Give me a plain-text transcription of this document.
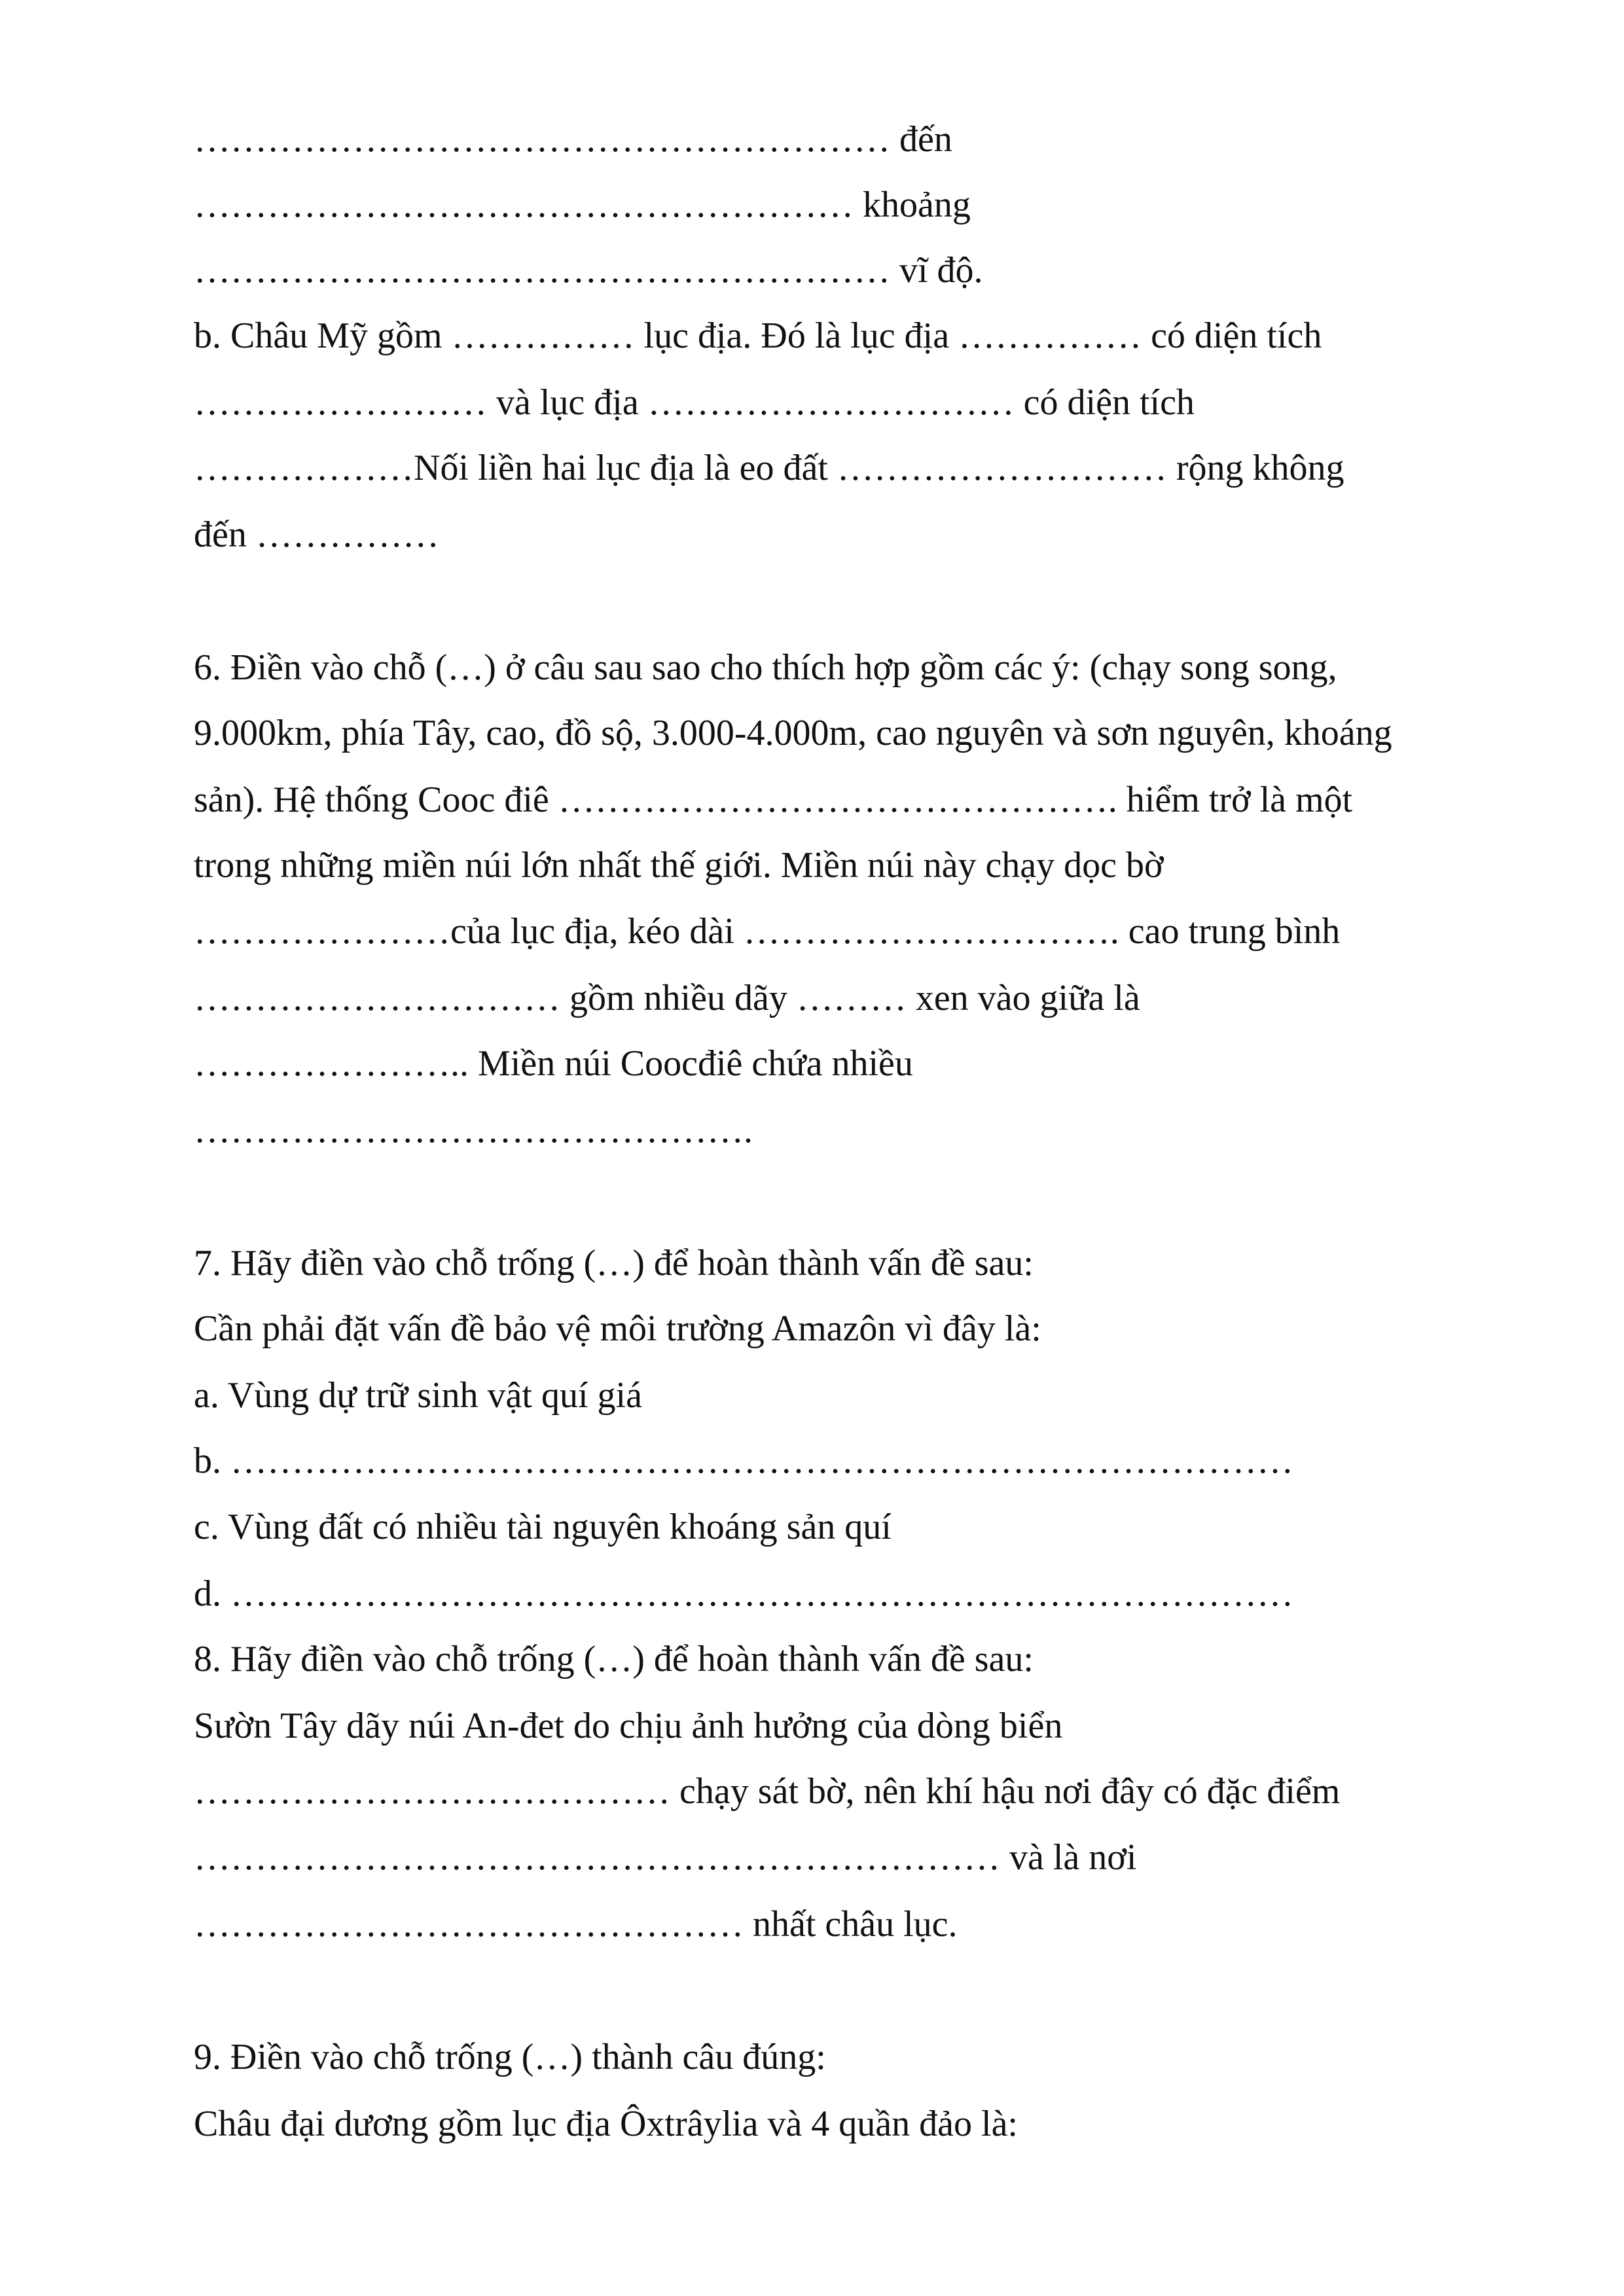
………………………………………………… đến
……………………………………………… khoảng
………………………………………………… vĩ độ.
b. Châu Mỹ gồm …………… lục địa. Đó là lục địa …………… có diện tích
…………………… và lục địa ………………………… có diện tích
………………Nối liền hai lục địa là eo đất ……………………… rộng không
đến ……………
6. Điền vào chỗ (…) ở câu sau sao cho thích hợp gồm các ý: (chạy song song,
9.000km, phía Tây, cao, đồ sộ, 3.000-4.000m, cao nguyên và sơn nguyên, khoáng
sản). Hệ thống Cooc điê ………………………………………. hiểm trở là một
trong những miền núi lớn nhất thế giới. Miền núi này chạy dọc bờ
…………………của lục địa, kéo dài …………………………. cao trung bình
………………………… gồm nhiều dãy ……… xen vào giữa là
………………….. Miền núi Coocđiê chứa nhiều
……………………………………….
7. Hãy điền vào chỗ trống (…) để hoàn thành vấn đề sau:
Cần phải đặt vấn đề bảo vệ môi trường Amazôn vì đây là:
a. Vùng dự trữ sinh vật quí giá
b. ……………………………………………………………………………
c. Vùng đất có nhiều tài nguyên khoáng sản quí
d. ……………………………………………………………………………
8. Hãy điền vào chỗ trống (…) để hoàn thành vấn đề sau:
Sườn Tây dãy núi An-đet do chịu ảnh hưởng của dòng biển
………………………………… chạy sát bờ, nên khí hậu nơi đây có đặc điểm
………………………………………………………… và là nơi
……………………………………… nhất châu lục.
9. Điền vào chỗ trống (…) thành câu đúng:
Châu đại dương gồm lục địa Ôxtrâylia và 4 quần đảo là:
